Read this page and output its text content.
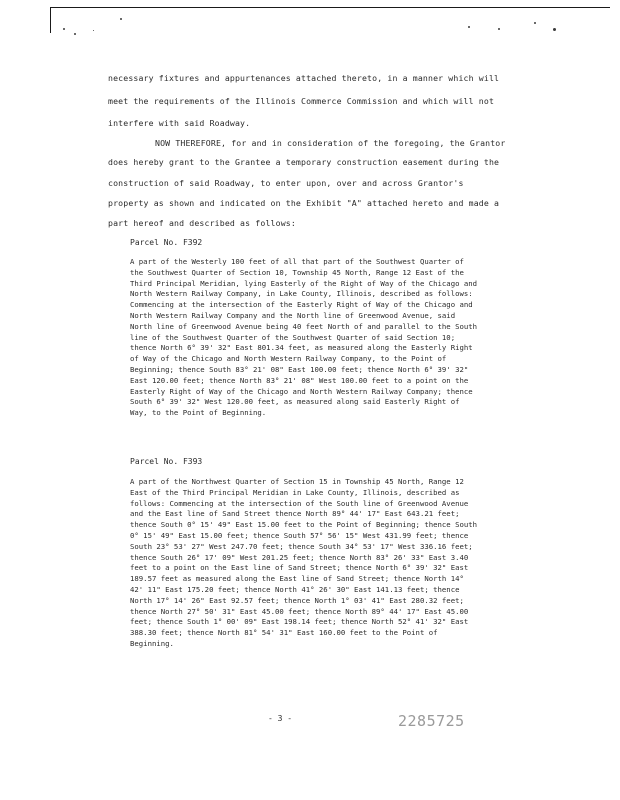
necessary fixtures and appurtenances attached thereto, in a manner which will
meet the requirements of the Illinois Commerce Commission and which will not
interfere with said Roadway.
NOW THEREFORE, for and in consideration of the foregoing, the Grantor
does hereby grant to the Grantee a temporary construction easement during the
construction of said Roadway, to enter upon, over and across Grantor's
property as shown and indicated on the Exhibit "A" attached hereto and made a
part hereof and described as follows:
Parcel No. F392

A part of the Westerly 100 feet of all that part of the Southwest Quarter of the Southwest Quarter of Section 10, Township 45 North, Range 12 East of the Third Principal Meridian, lying Easterly of the Right of Way of the Chicago and North Western Railway Company, in Lake County, Illinois, described as follows: Commencing at the intersection of the Easterly Right of Way of the Chicago and North Western Railway Company and the North line of Greenwood Avenue, said North line of Greenwood Avenue being 40 feet North of and parallel to the South line of the Southwest Quarter of the Southwest Quarter of said Section 10; thence North 6° 39' 32" East 801.34 feet, as measured along the Easterly Right of Way of the Chicago and North Western Railway Company, to the Point of Beginning; thence South 83° 21' 08" East 100.00 feet; thence North 6° 39' 32" East 120.00 feet; thence North 83° 21' 08" West 100.00 feet to a point on the Easterly Right of Way of the Chicago and North Western Railway Company; thence South 6° 39' 32" West 120.00 feet, as measured along said Easterly Right of Way, to the Point of Beginning.

Parcel No. F393

A part of the Northwest Quarter of Section 15 in Township 45 North, Range 12 East of the Third Principal Meridian in Lake County, Illinois, described as follows: Commencing at the intersection of the South line of Greenwood Avenue and the East line of Sand Street thence North 89° 44' 17" East 643.21 feet; thence South 0° 15' 49" East 15.00 feet to the Point of Beginning; thence South 0° 15' 49" East 15.00 feet; thence South 57° 56' 15" West 431.99 feet; thence South 23° 53' 27" West 247.70 feet; thence South 34° 53' 17" West 336.16 feet; thence South 26° 17' 09" West 201.25 feet; thence North 83° 26' 33" East 3.40 feet to a point on the East line of Sand Street; thence North 6° 39' 32" East 189.57 feet as measured along the East line of Sand Street; thence North 14° 42' 11" East 175.20 feet; thence North 41° 26' 30" East 141.13 feet; thence North 17° 14' 26" East 92.57 feet; thence North 1° 03' 41" East 280.32 feet; thence North 27° 50' 31" East 45.00 feet; thence North 89° 44' 17" East 45.00 feet; thence South 1° 00' 09" East 198.14 feet; thence North 52° 41' 32" East 388.30 feet; thence North 81° 54' 31" East 160.00 feet to the Point of Beginning.

- 3 -	2285725
